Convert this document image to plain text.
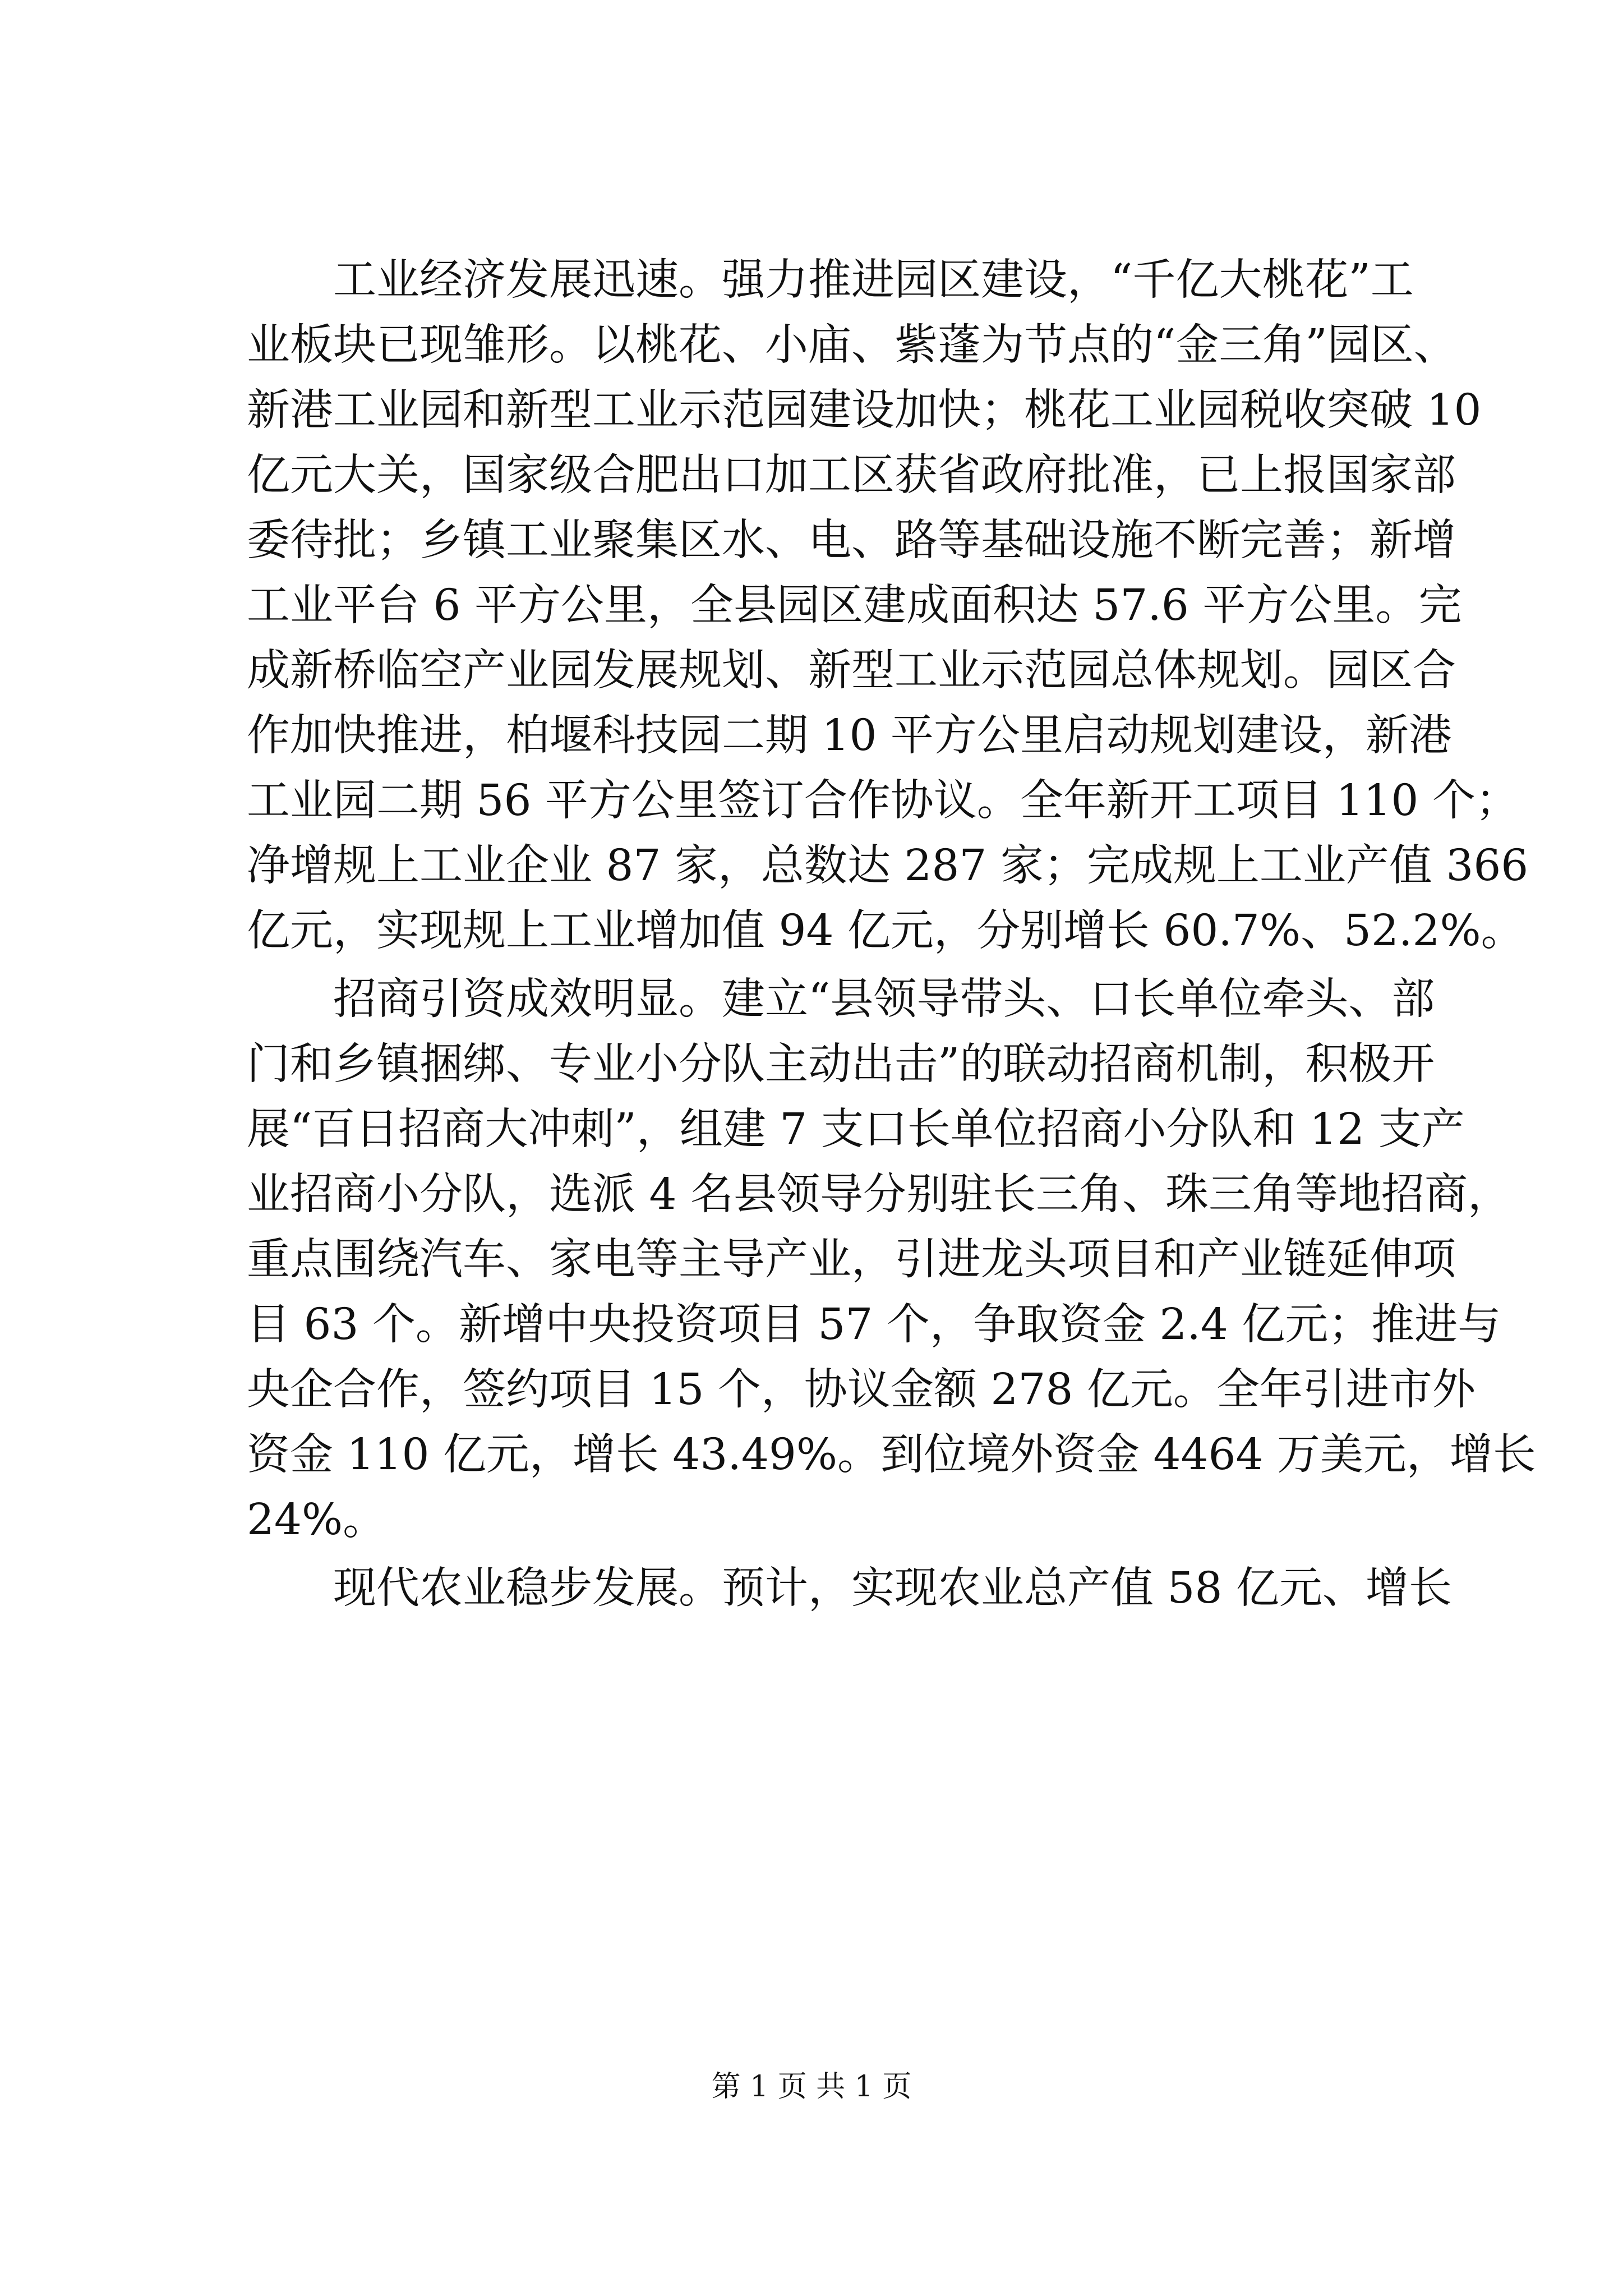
　　工业经济发展迅速。强力推进园区建设，“千亿大桃花”工
业板块已现雏形。以桃花、小庙、紫蓬为节点的“金三角”园区、
新港工业园和新型工业示范园建设加快；桃花工业园税收突破 10
亿元大关，国家级合肥出口加工区获省政府批准，已上报国家部
委待批；乡镇工业聚集区水、电、路等基础设施不断完善；新增
工业平台 6 平方公里，全县园区建成面积达 57.6 平方公里。完
成新桥临空产业园发展规划、新型工业示范园总体规划。园区合
作加快推进，柏堰科技园二期 10 平方公里启动规划建设，新港
工业园二期 56 平方公里签订合作协议。全年新开工项目 110 个；
净增规上工业企业 87 家，总数达 287 家；完成规上工业产值 366
亿元，实现规上工业增加值 94 亿元，分别增长 60.7%、52.2%。
　　招商引资成效明显。建立“县领导带头、口长单位牵头、部
门和乡镇捆绑、专业小分队主动出击”的联动招商机制，积极开
展“百日招商大冲刺”，组建 7 支口长单位招商小分队和 12 支产
业招商小分队，选派 4 名县领导分别驻长三角、珠三角等地招商，
重点围绕汽车、家电等主导产业，引进龙头项目和产业链延伸项
目 63 个。新增中央投资项目 57 个，争取资金 2.4 亿元；推进与
央企合作，签约项目 15 个，协议金额 278 亿元。全年引进市外
资金 110 亿元，增长 43.49%。到位境外资金 4464 万美元，增长
24%。
　　现代农业稳步发展。预计，实现农业总产值 58 亿元、增长
第 1 页 共 1 页
